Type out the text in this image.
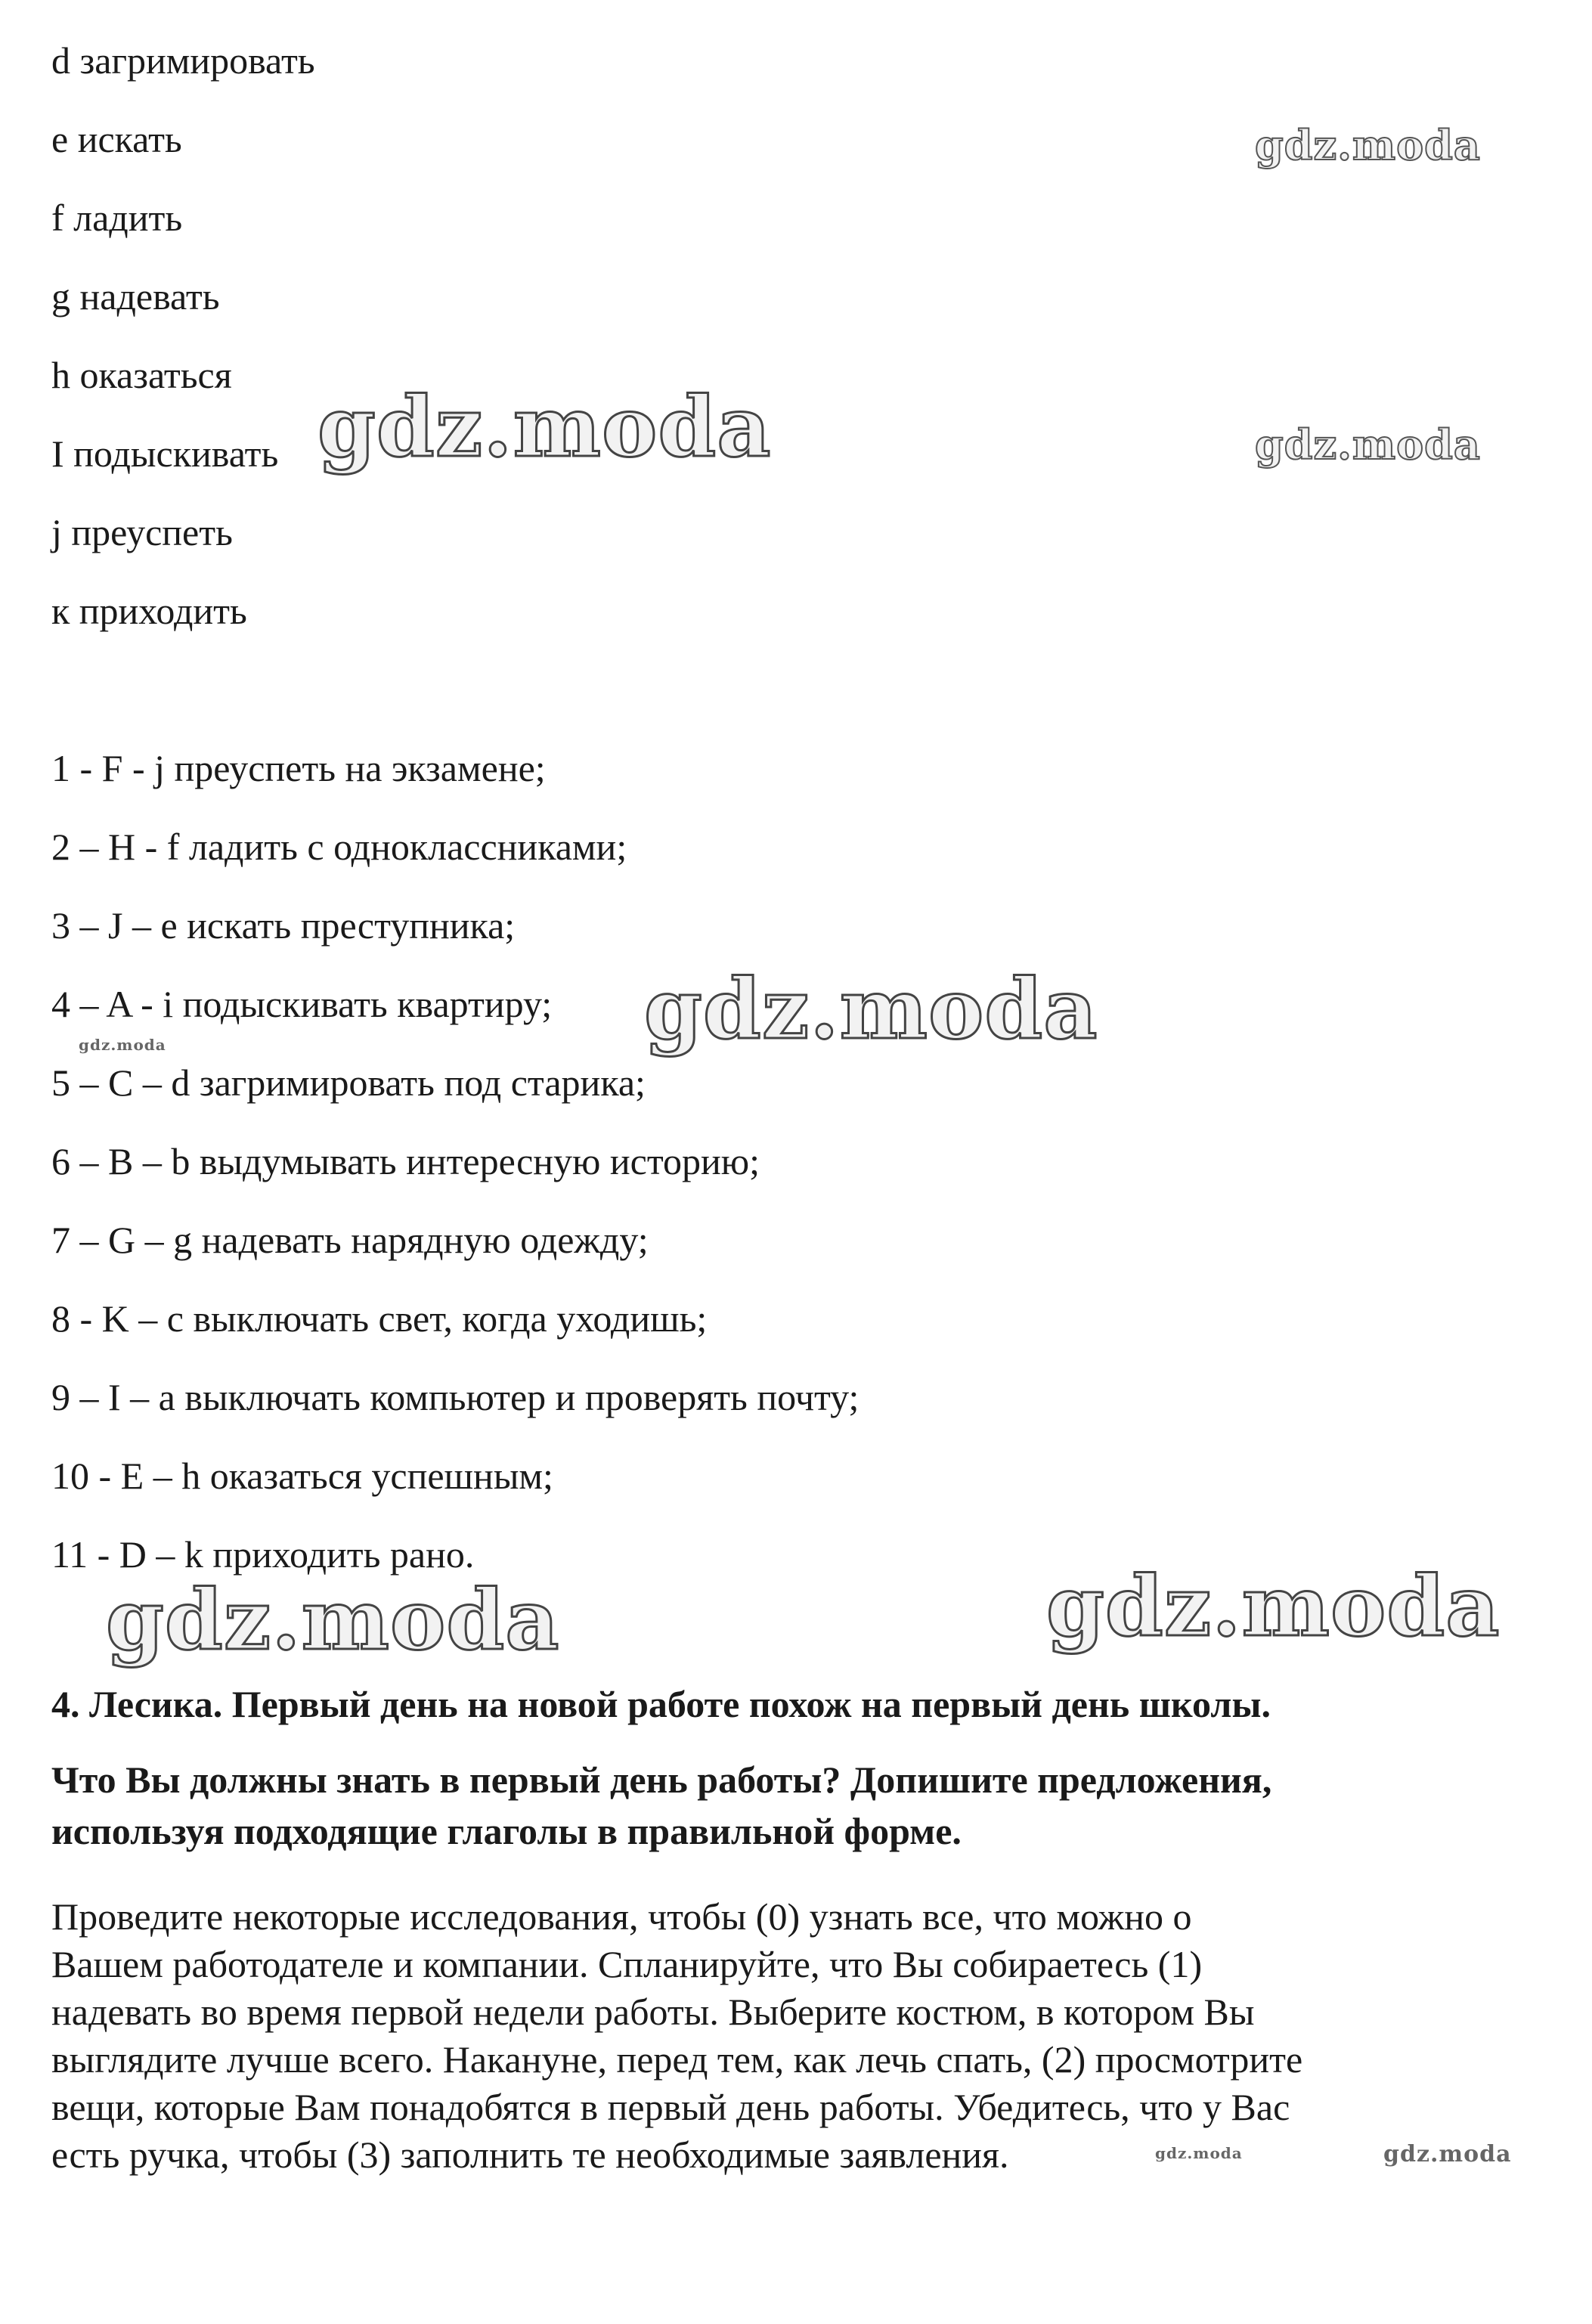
d загримировать
e искать
f ладить
g надевать
h оказаться
I подыскивать
j преуспеть
к приходить
1 - F - j преуспеть на экзамене;
2 – H - f ладить с одноклассниками;
3 – J – e искать преступника;
4 – A - i подыскивать квартиру;
5 – C – d загримировать под старика;
6 – B – b выдумывать интересную историю;
7 – G – g надевать нарядную одежду;
8 - K – c выключать свет, когда уходишь;
9 – I – a выключать компьютер и проверять почту;
10 - E – h оказаться успешным;
11 - D – k приходить рано.
4. Лесика. Первый день на новой работе похож на первый день школы.
Что Вы должны знать в первый день работы? Допишите предложения,
используя подходящие глаголы в правильной форме.
Проведите некоторые исследования, чтобы (0) узнать все, что можно о
Вашем работодателе и компании. Спланируйте, что Вы собираетесь (1)
надевать во время первой недели работы. Выберите костюм, в котором Вы
выглядите лучше всего. Накануне, перед тем, как лечь спать, (2) просмотрите
вещи, которые Вам понадобятся в первый день работы. Убедитесь, что у Вас
есть ручка, чтобы (3) заполнить те необходимые заявления.
gdz.moda
gdz.moda	gdz.moda
gdz.moda
gdz.moda
gdz.moda	gdz.moda
gdz.moda	gdz.moda
